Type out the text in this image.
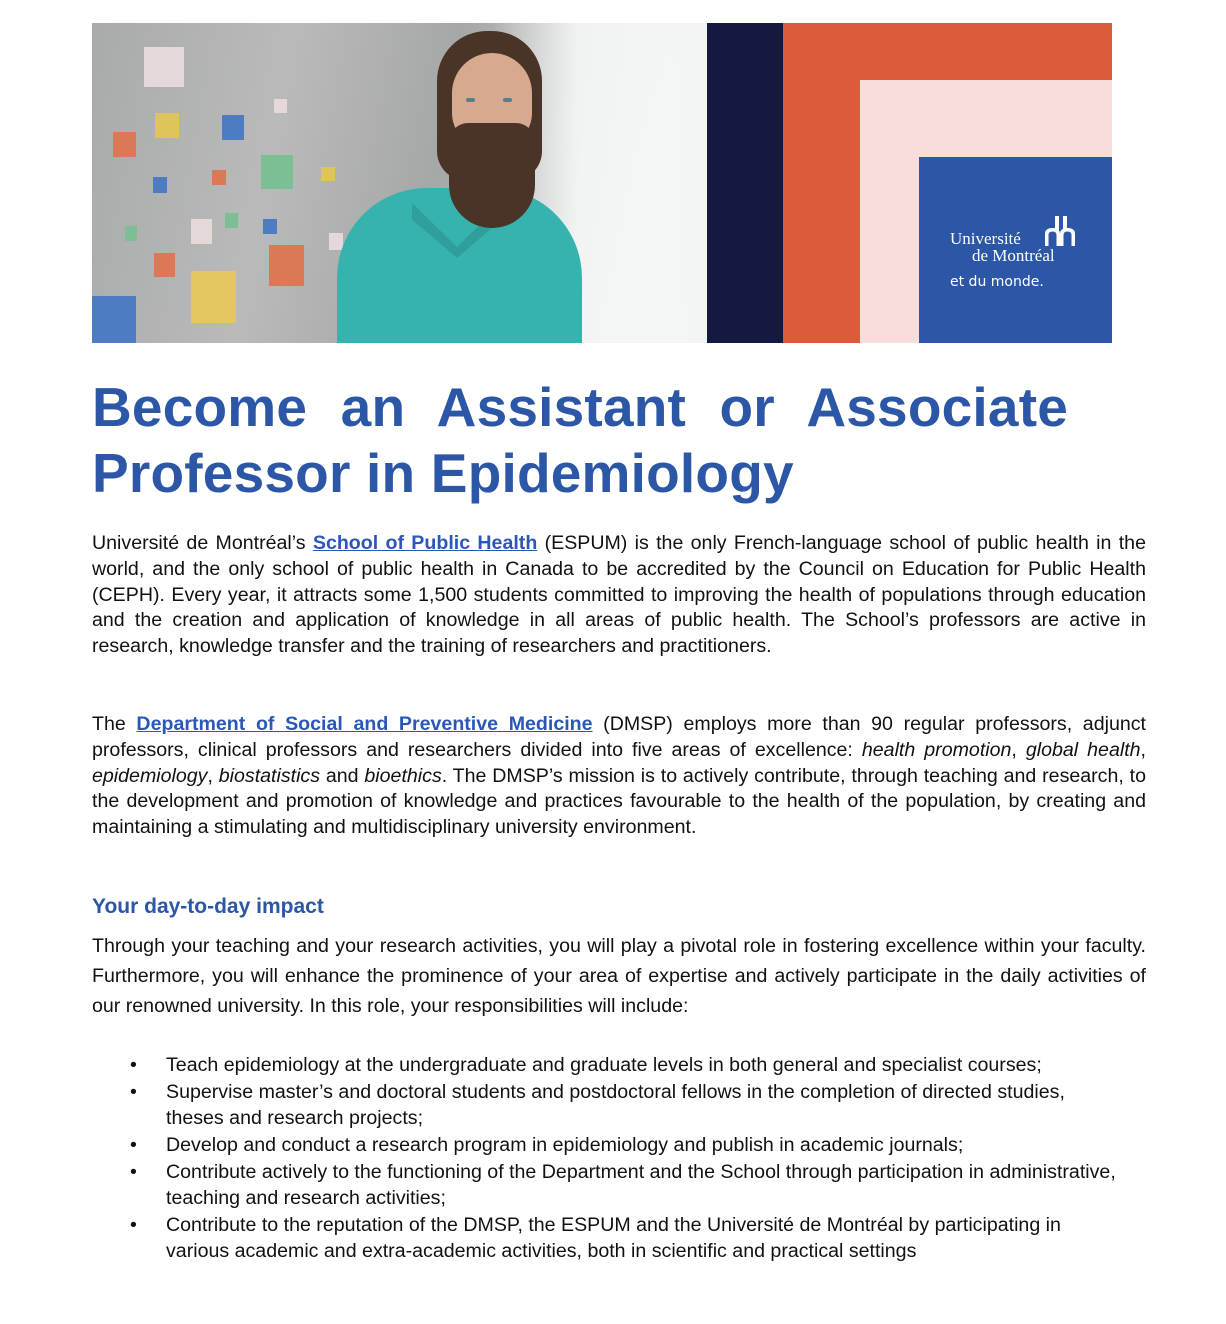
Université
de Montréal
et du monde.
Become an Assistant or Associate
Professor in Epidemiology

Université de Montréal’s School of Public Health (ESPUM) is the only French-language school of public health in the world, and the only school of public health in Canada to be accredited by the Council on Education for Public Health (CEPH). Every year, it attracts some 1,500 students committed to improving the health of populations through education and the creation and application of knowledge in all areas of public health. The School’s professors are active in research, knowledge transfer and the training of researchers and practitioners.

The Department of Social and Preventive Medicine (DMSP) employs more than 90 regular professors, adjunct professors, clinical professors and researchers divided into five areas of excellence: health promotion, global health, epidemiology, biostatistics and bioethics. The DMSP’s mission is to actively contribute, through teaching and research, to the development and promotion of knowledge and practices favourable to the health of the population, by creating and maintaining a stimulating and multidisciplinary university environment.

Your day-to-day impact

Through your teaching and your research activities, you will play a pivotal role in fostering excellence within your faculty. Furthermore, you will enhance the prominence of your area of expertise and actively participate in the daily activities of our renowned university. In this role, your responsibilities will include:

• Teach epidemiology at the undergraduate and graduate levels in both general and specialist courses;
• Supervise master’s and doctoral students and postdoctoral fellows in the completion of directed studies, theses and research projects;
• Develop and conduct a research program in epidemiology and publish in academic journals;
• Contribute actively to the functioning of the Department and the School through participation in administrative, teaching and research activities;
• Contribute to the reputation of the DMSP, the ESPUM and the Université de Montréal by participating in various academic and extra-academic activities, both in scientific and practical settings
